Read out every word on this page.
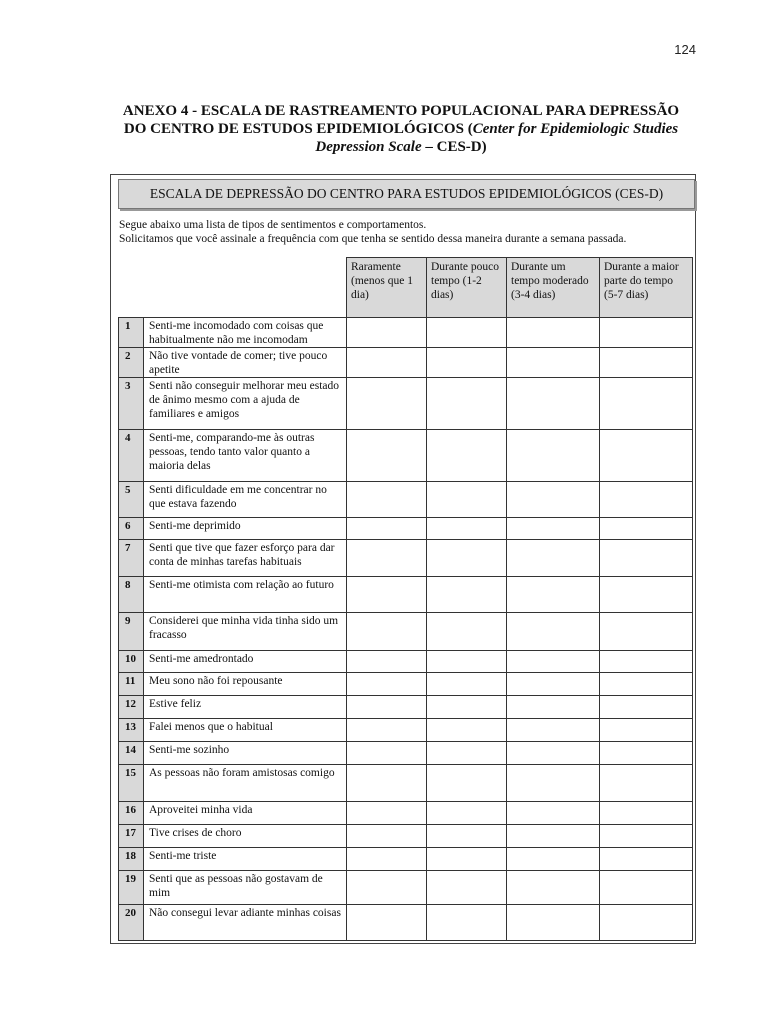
124
ANEXO 4 - ESCALA DE RASTREAMENTO POPULACIONAL PARA DEPRESSÃO
DO CENTRO DE ESTUDOS EPIDEMIOLÓGICOS (Center for Epidemiologic Studies
Depression Scale – CES-D)
ESCALA DE DEPRESSÃO DO CENTRO PARA ESTUDOS EPIDEMIOLÓGICOS (CES-D)
Segue abaixo uma lista de tipos de sentimentos e comportamentos.
Solicitamos que você assinale a frequência com que tenha se sentido dessa maneira durante a semana passada.
Raramente (menos que 1 dia)	Durante pouco tempo (1-2 dias)	Durante um tempo moderado (3-4 dias)	Durante a maior parte do tempo (5-7 dias)
1	Senti-me incomodado com coisas que habitualmente não me incomodam				
2	Não tive vontade de comer; tive pouco apetite				
3	Senti não conseguir melhorar meu estado de ânimo mesmo com a ajuda de familiares e amigos				
4	Senti-me, comparando-me às outras pessoas, tendo tanto valor quanto a maioria delas				
5	Senti dificuldade em me concentrar no que estava fazendo				
6	Senti-me deprimido				
7	Senti que tive que fazer esforço para dar conta de minhas tarefas habituais				
8	Senti-me otimista com relação ao futuro				
9	Considerei que minha vida tinha sido um fracasso				
10	Senti-me amedrontado				
11	Meu sono não foi repousante				
12	Estive feliz				
13	Falei menos que o habitual				
14	Senti-me sozinho				
15	As pessoas não foram amistosas comigo				
16	Aproveitei minha vida				
17	Tive crises de choro				
18	Senti-me triste				
19	Senti que as pessoas não gostavam de mim				
20	Não consegui levar adiante minhas coisas				
